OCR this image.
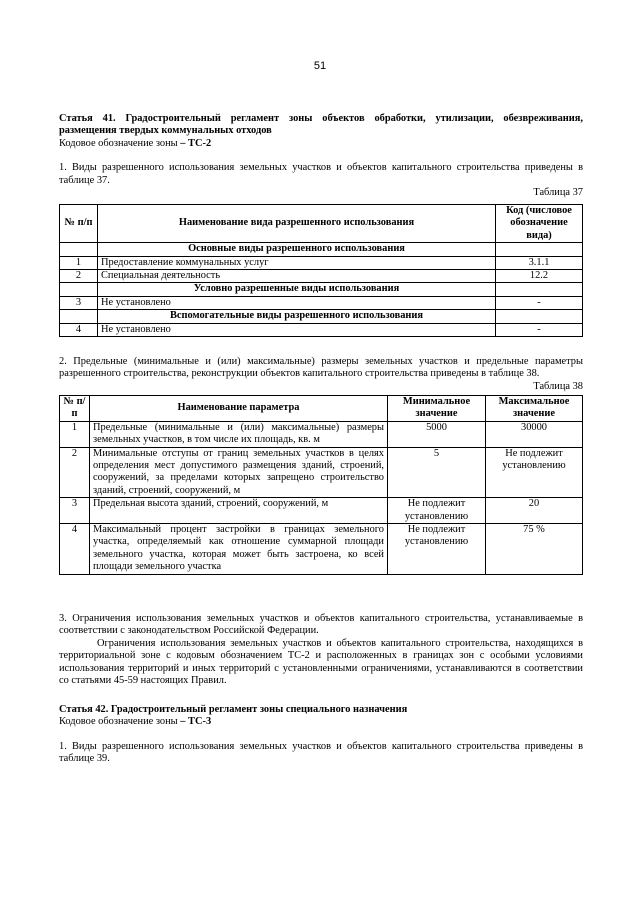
51

Статья 41. Градостроительный регламент зоны объектов обработки, утилизации, обезвреживания, размещения твердых коммунальных отходов

Кодовое обозначение зоны – ТС-2

1. Виды разрешенного использования земельных участков и объектов капитального строительства приведены в таблице 37.

Таблица 37

№ п/п	Наименование вида разрешенного использования	Код (числовое обозначение вида)
	Основные виды разрешенного использования	
1	Предоставление коммунальных услуг	3.1.1
2	Специальная деятельность	12.2
	Условно разрешенные виды использования	
3	Не установлено	-
	Вспомогательные виды разрешенного использования	
4	Не установлено	-

2. Предельные (минимальные и (или) максимальные) размеры земельных участков и предельные параметры разрешенного строительства, реконструкции объектов капитального строительства приведены в таблице 38.

Таблица 38

№ п/п	Наименование параметра	Минимальное значение	Максимальное значение
1	Предельные (минимальные и (или) максимальные) размеры земельных участков, в том числе их площадь, кв. м	5000	30000
2	Минимальные отступы от границ земельных участков в целях определения мест допустимого размещения зданий, строений, сооружений, за пределами которых запрещено строительство зданий, строений, сооружений, м	5	Не подлежит установлению
3	Предельная высота зданий, строений, сооружений, м	Не подлежит установлению	20
4	Максимальный процент застройки в границах земельного участка, определяемый как отношение суммарной площади земельного участка, которая может быть застроена, ко всей площади земельного участка	Не подлежит установлению	75 %

3. Ограничения использования земельных участков и объектов капитального строительства, устанавливаемые в соответствии с законодательством Российской Федерации.

Ограничения использования земельных участков и объектов капитального строительства, находящихся в территориальной зоне с кодовым обозначением ТС-2 и расположенных в границах зон с особыми условиями использования территорий и иных территорий с установленными ограничениями, устанавливаются в соответствии со статьями 45-59 настоящих Правил.

Статья 42. Градостроительный регламент зоны специального назначения

Кодовое обозначение зоны – ТС-3

1. Виды разрешенного использования земельных участков и объектов капитального строительства приведены в таблице 39.
